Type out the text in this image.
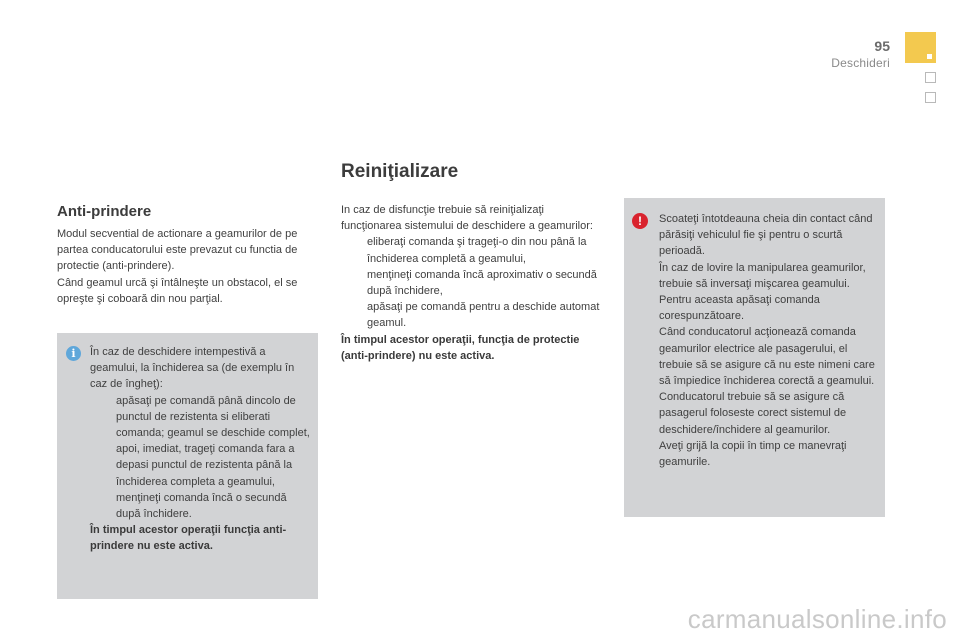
95
Deschideri
Anti-prindere

Modul secvential de actionare a geamurilor de pe partea conducatorului este prevazut cu functia de protectie (anti-prindere).

Când geamul urcă şi întâlneşte un obstacol, el se opreşte şi coboară din nou parţial.

i	În caz de deschidere intempestivă a geamului, la închiderea sa (de exemplu în caz de îngheţ):

apăsaţi pe comandă până dincolo de punctul de rezistenta si eliberati comanda; geamul se deschide complet,
apoi, imediat, trageţi comanda fara a depasi punctul de rezistenta până la închiderea completa a geamului,
menţineţi comanda încă o secundă după închidere.

În timpul acestor operaţii funcţia anti-prindere nu este activa.

Reiniţializare

In caz de disfuncţie trebuie să reiniţializaţi funcţionarea sistemului de deschidere a geamurilor:

eliberaţi comanda şi trageţi-o din nou până la închiderea completă a geamului,
menţineţi comanda încă aproximativ o secundă după închidere,
apăsaţi pe comandă pentru a deschide automat geamul.

În timpul acestor operaţii, funcţia de protectie (anti-prindere) nu este activa.

!	Scoateţi întotdeauna cheia din contact când părăsiţi vehiculul fie şi pentru o scurtă perioadă.
În caz de lovire la manipularea geamurilor, trebuie să inversaţi mişcarea geamului. Pentru aceasta apăsaţi comanda corespunzătoare.
Când conducatorul acţionează comanda geamurilor electrice ale pasagerului, el trebuie să se asigure că nu este nimeni care să împiedice închiderea corectă a geamului.
Conducatorul trebuie să se asigure că pasagerul foloseste corect sistemul de deschidere/închidere al geamurilor.
Aveţi grijă la copii în timp ce manevraţi geamurile.
carmanualsonline.info
